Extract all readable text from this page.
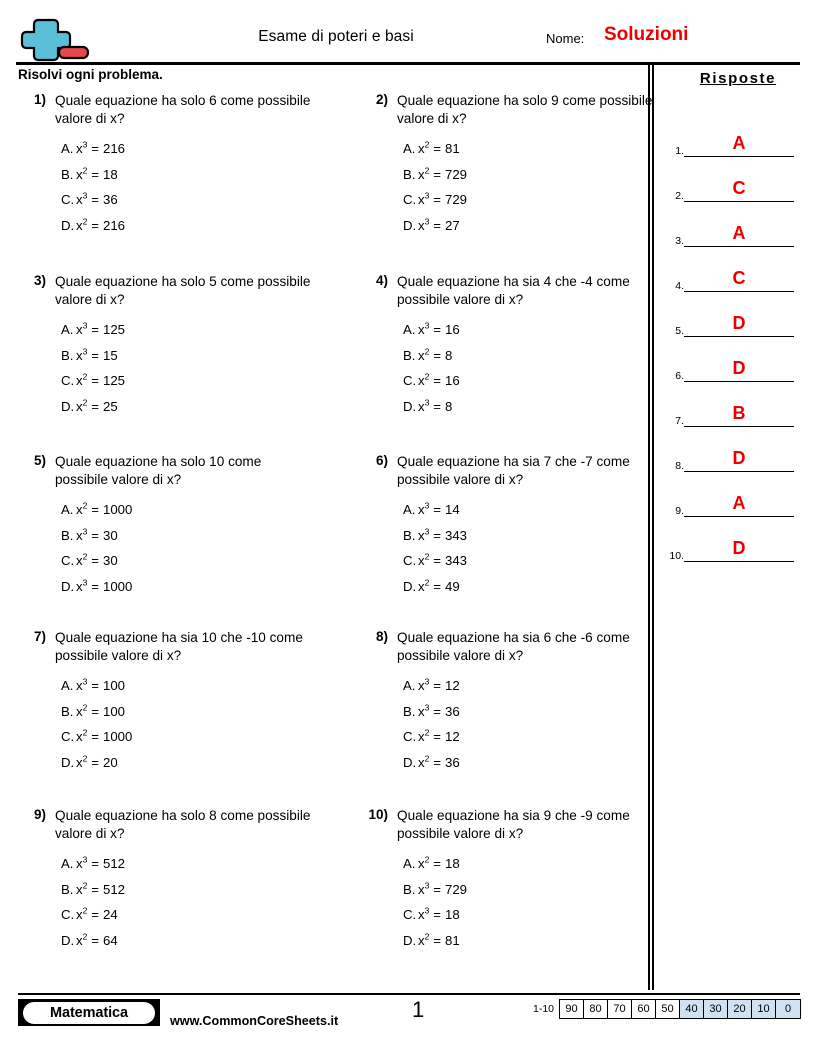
Esame di poteri e basi	Nome: Soluzioni
Risolvi ogni problema.
1) Quale equazione ha solo 6 come possibile valore di x?
A. $x^3 = 216$
B. $x^2 = 18$
C. $x^3 = 36$
D. $x^2 = 216$
2) Quale equazione ha solo 9 come possibile valore di x?
A. $x^2 = 81$
B. $x^2 = 729$
C. $x^3 = 729$
D. $x^3 = 27$
3) Quale equazione ha solo 5 come possibile valore di x?
A. $x^3 = 125$
B. $x^3 = 15$
C. $x^2 = 125$
D. $x^2 = 25$
4) Quale equazione ha sia 4 che -4 come possibile valore di x?
A. $x^3 = 16$
B. $x^2 = 8$
C. $x^2 = 16$
D. $x^3 = 8$
5) Quale equazione ha solo 10 come possibile valore di x?
A. $x^2 = 1000$
B. $x^3 = 30$
C. $x^2 = 30$
D. $x^3 = 1000$
6) Quale equazione ha sia 7 che -7 come possibile valore di x?
A. $x^3 = 14$
B. $x^3 = 343$
C. $x^2 = 343$
D. $x^2 = 49$
7) Quale equazione ha sia 10 che -10 come possibile valore di x?
A. $x^3 = 100$
B. $x^2 = 100$
C. $x^2 = 1000$
D. $x^2 = 20$
8) Quale equazione ha sia 6 che -6 come possibile valore di x?
A. $x^3 = 12$
B. $x^3 = 36$
C. $x^2 = 12$
D. $x^2 = 36$
9) Quale equazione ha solo 8 come possibile valore di x?
A. $x^3 = 512$
B. $x^2 = 512$
C. $x^2 = 24$
D. $x^2 = 64$
10) Quale equazione ha sia 9 che -9 come possibile valore di x?
A. $x^2 = 18$
B. $x^3 = 729$
C. $x^3 = 18$
D. $x^2 = 81$
Risposte
1.	A
2.	C
3.	A
4.	C
5.	D
6.	D
7.	B
8.	D
9.	A
10.	D
Matematica
www.CommonCoreSheets.it	1	1-10	90	80	70	60	50	40	30	20	10	0
